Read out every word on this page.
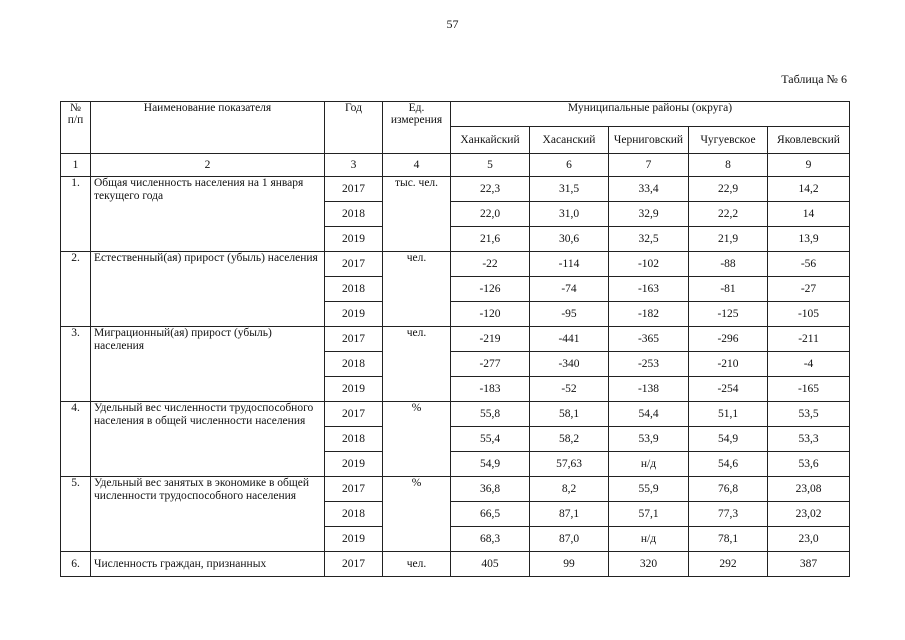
57
Таблица № 6
№ п/п	Наименование показателя	Год	Ед. измерения	Муниципальные районы (округа)				
				Ханкайский	Хасанский	Черниговский	Чугуевское	Яковлевский
1	2	3	4	5	6	7	8	9
1.	Общая численность населения на 1 января текущего года	2017	тыс. чел.	22,3	31,5	33,4	22,9	14,2
		2018		22,0	31,0	32,9	22,2	14
		2019		21,6	30,6	32,5	21,9	13,9
2.	Естественный(ая) прирост (убыль) населения	2017	чел.	-22	-114	-102	-88	-56
		2018		-126	-74	-163	-81	-27
		2019		-120	-95	-182	-125	-105
3.	Миграционный(ая) прирост (убыль) населения	2017	чел.	-219	-441	-365	-296	-211
		2018		-277	-340	-253	-210	-4
		2019		-183	-52	-138	-254	-165
4.	Удельный вес численности трудоспособного населения в общей численности населения	2017	%	55,8	58,1	54,4	51,1	53,5
		2018		55,4	58,2	53,9	54,9	53,3
		2019		54,9	57,63	н/д	54,6	53,6
5.	Удельный вес занятых в экономике в общей численности трудоспособного населения	2017	%	36,8	8,2	55,9	76,8	23,08
		2018		66,5	87,1	57,1	77,3	23,02
		2019		68,3	87,0	н/д	78,1	23,0
6.	Численность граждан, признанных	2017	чел.	405	99	320	292	387
